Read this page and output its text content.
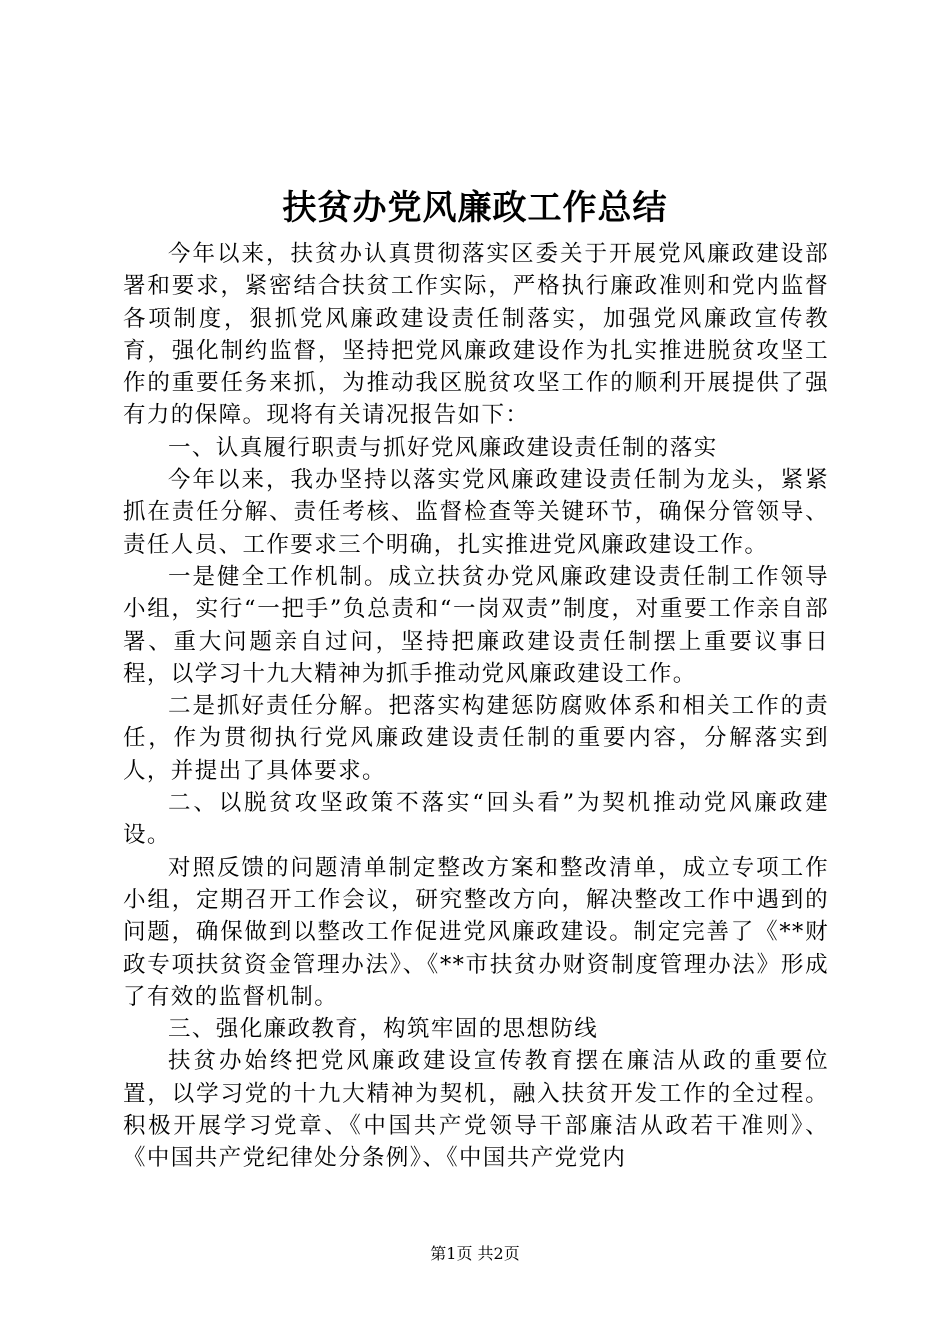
扶贫办党风廉政工作总结

今年以来，扶贫办认真贯彻落实区委关于开展党风廉政建设部署和要求，紧密结合扶贫工作实际，严格执行廉政准则和党内监督各项制度，狠抓党风廉政建设责任制落实，加强党风廉政宣传教育，强化制约监督，坚持把党风廉政建设作为扎实推进脱贫攻坚工作的重要任务来抓，为推动我区脱贫攻坚工作的顺利开展提供了强有力的保障。现将有关请况报告如下：

一、认真履行职责与抓好党风廉政建设责任制的落实

今年以来，我办坚持以落实党风廉政建设责任制为龙头，紧紧抓在责任分解、责任考核、监督检查等关键环节，确保分管领导、责任人员、工作要求三个明确，扎实推进党风廉政建设工作。

一是健全工作机制。成立扶贫办党风廉政建设责任制工作领导小组，实行“一把手”负总责和“一岗双责”制度，对重要工作亲自部署、重大问题亲自过问，坚持把廉政建设责任制摆上重要议事日程，以学习十九大精神为抓手推动党风廉政建设工作。

二是抓好责任分解。把落实构建惩防腐败体系和相关工作的责任，作为贯彻执行党风廉政建设责任制的重要内容，分解落实到人，并提出了具体要求。

二、以脱贫攻坚政策不落实“回头看”为契机推动党风廉政建设。

对照反馈的问题清单制定整改方案和整改清单，成立专项工作小组，定期召开工作会议，研究整改方向，解决整改工作中遇到的问题，确保做到以整改工作促进党风廉政建设。制定完善了《**财政专项扶贫资金管理办法》、《**市扶贫办财资制度管理办法》形成了有效的监督机制。

三、强化廉政教育，构筑牢固的思想防线

扶贫办始终把党风廉政建设宣传教育摆在廉洁从政的重要位置，以学习党的十九大精神为契机，融入扶贫开发工作的全过程。积极开展学习党章、《中国共产党领导干部廉洁从政若干准则》、《中国共产党纪律处分条例》、《中国共产党党内

第1页 共2页
